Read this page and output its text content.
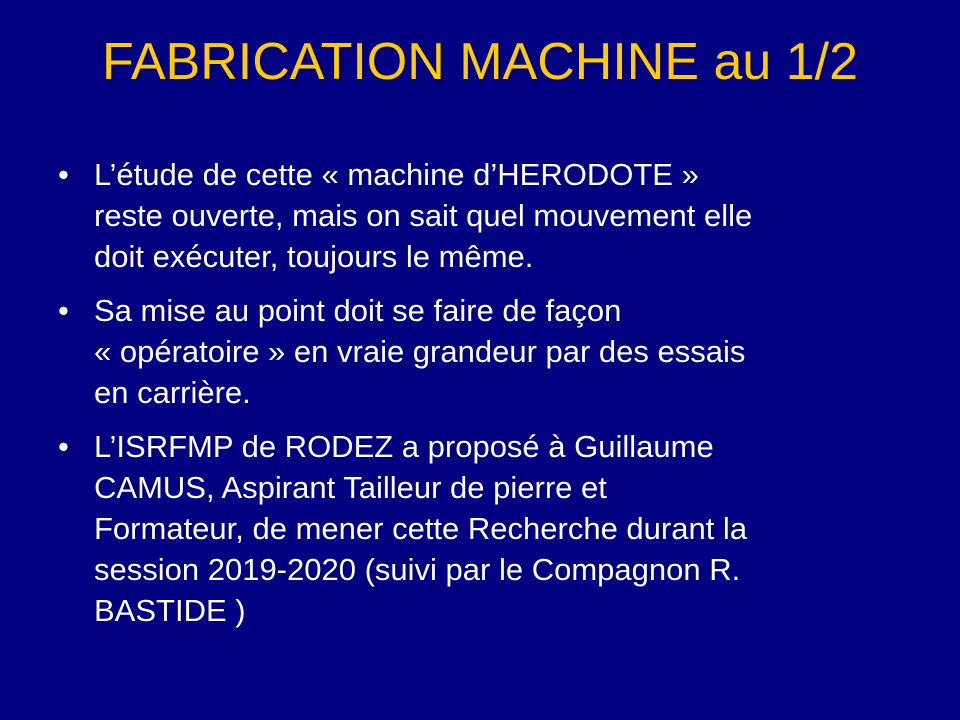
FABRICATION MACHINE au 1/2
• L’étude de cette « machine d’HERODOTE »
reste ouverte, mais on sait quel mouvement elle
doit exécuter, toujours le même.
• Sa mise au point doit se faire de façon
« opératoire » en vraie grandeur par des essais
en carrière.
• L’ISRFMP de RODEZ a proposé à Guillaume
CAMUS, Aspirant Tailleur de pierre et
Formateur, de mener cette Recherche durant la
session 2019-2020 (suivi par le Compagnon R.
BASTIDE )
